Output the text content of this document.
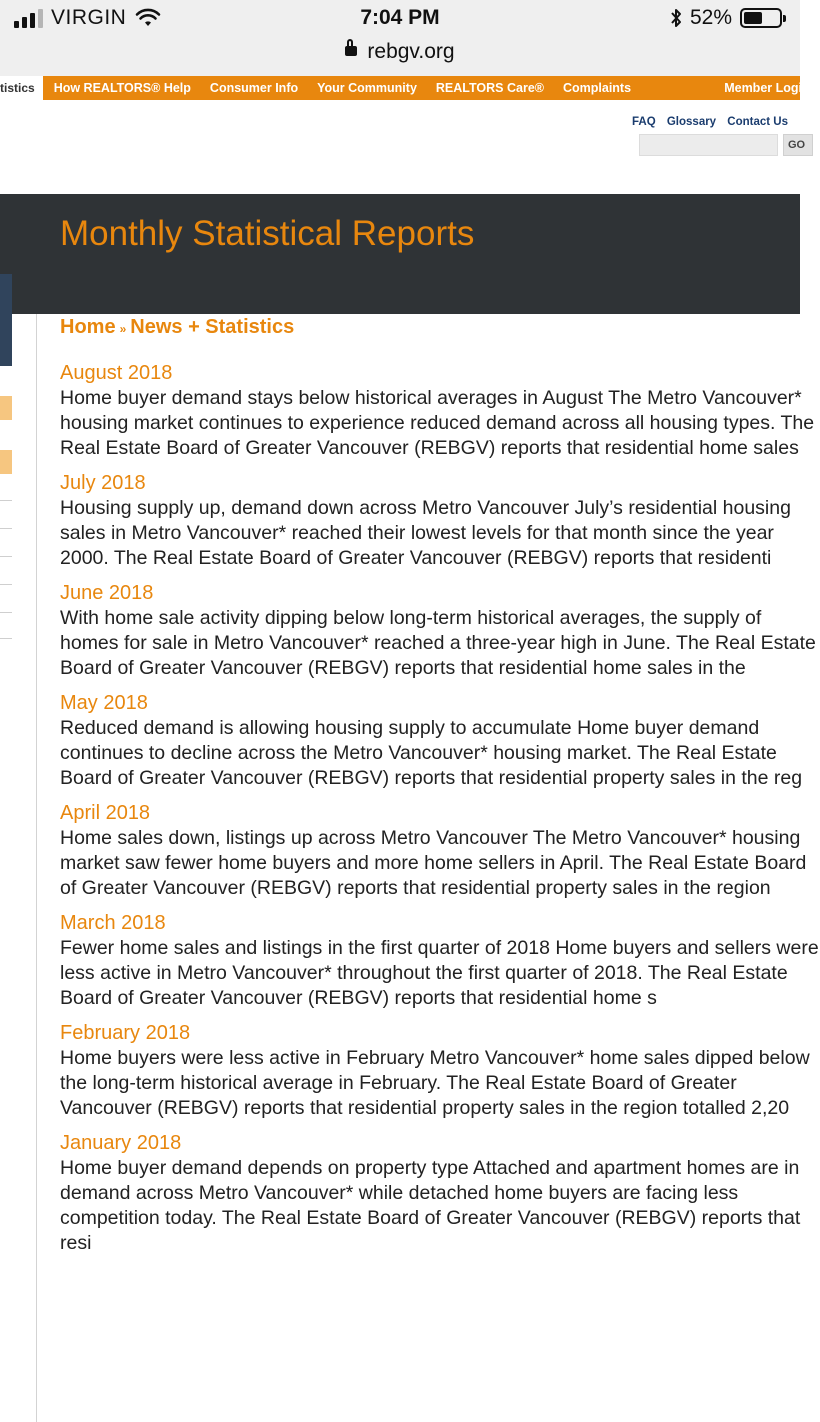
VIRGIN	7:04 PM	52%
rebgv.org
tistics	How REALTORS® Help Consumer Info Your Community REALTORS Care® Complaints	Member Logi
FAQ Glossary Contact Us
GO
Monthly Statistical Reports
Home » News + Statistics
August 2018

Home buyer demand stays below historical averages in August The Metro Vancouver* housing market continues to experience reduced demand across all housing types. The Real Estate Board of Greater Vancouver (REBGV) reports that residential home sales

July 2018

Housing supply up, demand down across Metro Vancouver July’s residential housing sales in Metro Vancouver* reached their lowest levels for that month since the year 2000. The Real Estate Board of Greater Vancouver (REBGV) reports that residenti

June 2018

With home sale activity dipping below long-term historical averages, the supply of homes for sale in Metro Vancouver* reached a three-year high in June. The Real Estate Board of Greater Vancouver (REBGV) reports that residential home sales in the

May 2018

Reduced demand is allowing housing supply to accumulate Home buyer demand continues to decline across the Metro Vancouver* housing market. The Real Estate Board of Greater Vancouver (REBGV) reports that residential property sales in the reg

April 2018

Home sales down, listings up across Metro Vancouver The Metro Vancouver* housing market saw fewer home buyers and more home sellers in April. The Real Estate Board of Greater Vancouver (REBGV) reports that residential property sales in the region

March 2018

Fewer home sales and listings in the first quarter of 2018 Home buyers and sellers were less active in Metro Vancouver* throughout the first quarter of 2018. The Real Estate Board of Greater Vancouver (REBGV) reports that residential home s

February 2018

Home buyers were less active in February Metro Vancouver* home sales dipped below the long-term historical average in February. The Real Estate Board of Greater Vancouver (REBGV) reports that residential property sales in the region totalled 2,20

January 2018

Home buyer demand depends on property type Attached and apartment homes are in demand across Metro Vancouver* while detached home buyers are facing less competition today. The Real Estate Board of Greater Vancouver (REBGV) reports that resi
